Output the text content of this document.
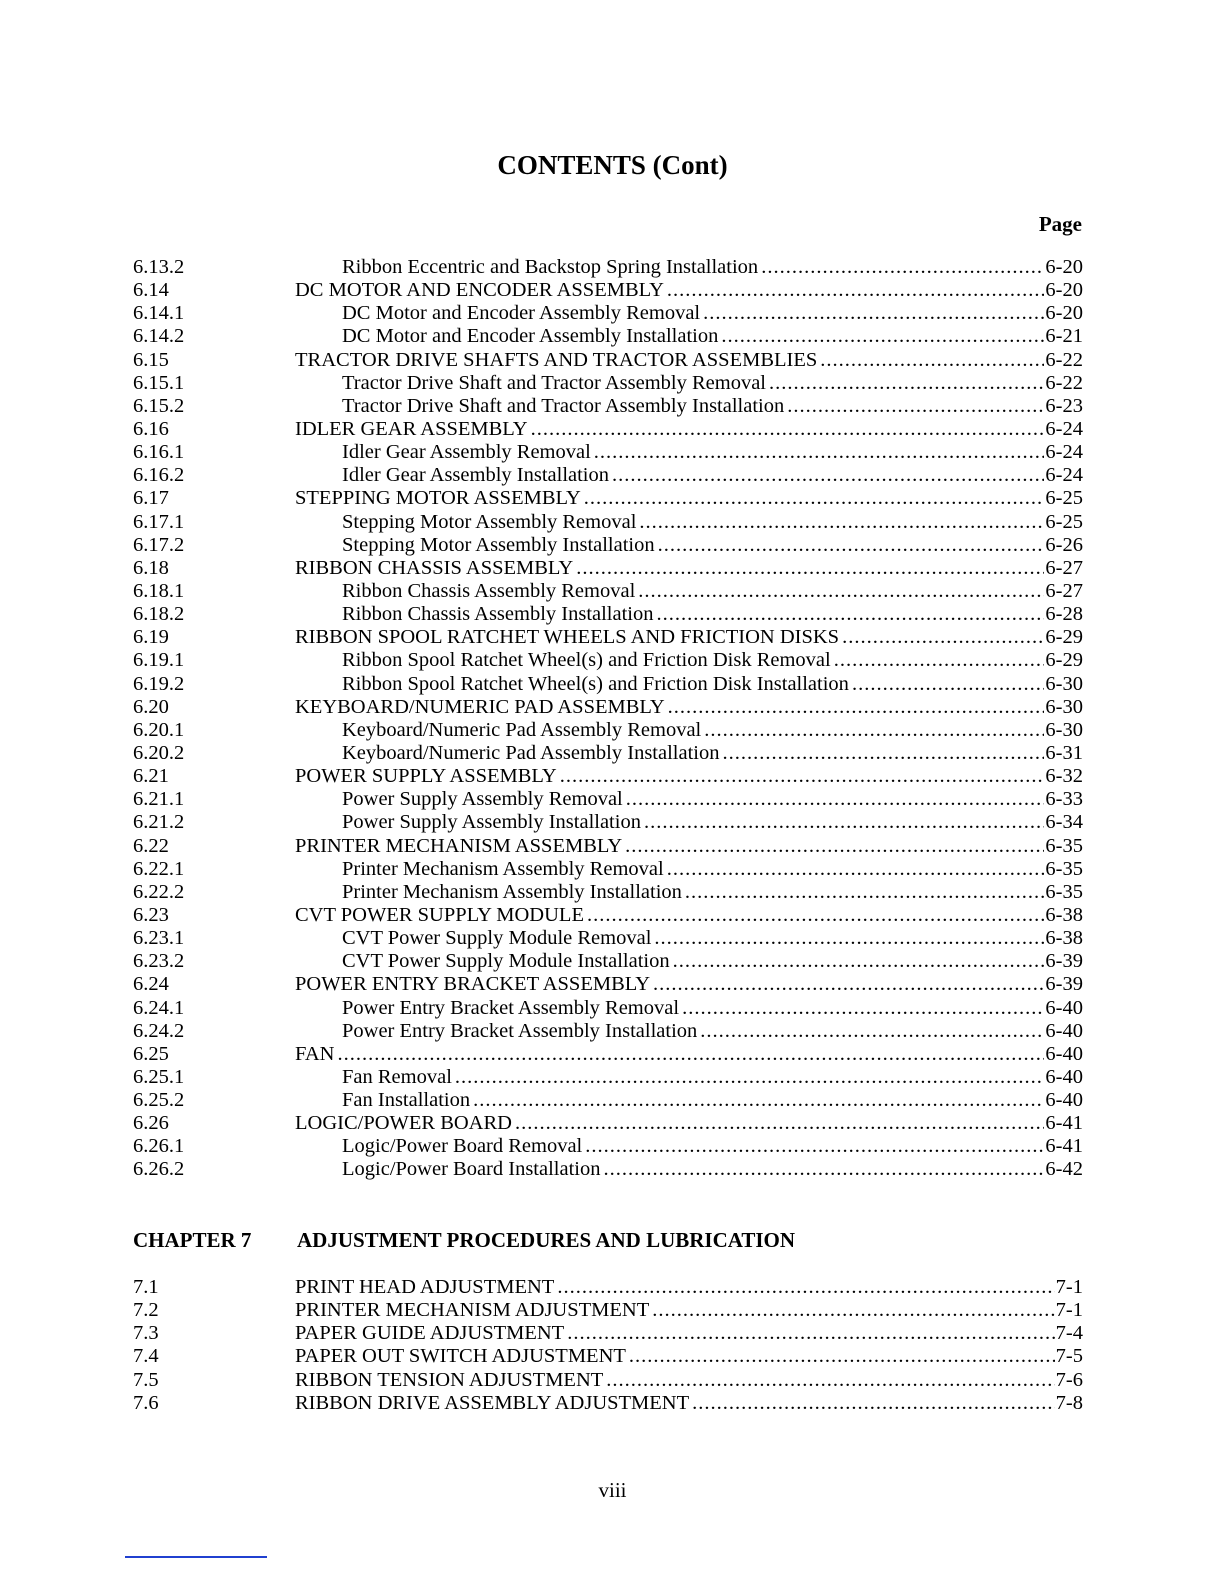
CONTENTS (Cont)
Page
6.13.2	Ribbon Eccentric and Backstop Spring Installation .....	6-20
6.14	DC MOTOR AND ENCODER ASSEMBLY .....	6-20
6.14.1	DC Motor and Encoder Assembly Removal .....	6-20
6.14.2	DC Motor and Encoder Assembly Installation .....	6-21
6.15	TRACTOR DRIVE SHAFTS AND TRACTOR ASSEMBLIES .....	6-22
6.15.1	Tractor Drive Shaft and Tractor Assembly Removal .....	6-22
6.15.2	Tractor Drive Shaft and Tractor Assembly Installation .....	6-23
6.16	IDLER GEAR ASSEMBLY .....	6-24
6.16.1	Idler Gear Assembly Removal .....	6-24
6.16.2	Idler Gear Assembly Installation .....	6-24
6.17	STEPPING MOTOR ASSEMBLY .....	6-25
6.17.1	Stepping Motor Assembly Removal .....	6-25
6.17.2	Stepping Motor Assembly Installation .....	6-26
6.18	RIBBON CHASSIS ASSEMBLY .....	6-27
6.18.1	Ribbon Chassis Assembly Removal .....	6-27
6.18.2	Ribbon Chassis Assembly Installation .....	6-28
6.19	RIBBON SPOOL RATCHET WHEELS AND FRICTION DISKS .....	6-29
6.19.1	Ribbon Spool Ratchet Wheel(s) and Friction Disk Removal .....	6-29
6.19.2	Ribbon Spool Ratchet Wheel(s) and Friction Disk Installation .....	6-30
6.20	KEYBOARD/NUMERIC PAD ASSEMBLY .....	6-30
6.20.1	Keyboard/Numeric Pad Assembly Removal .....	6-30
6.20.2	Keyboard/Numeric Pad Assembly Installation .....	6-31
6.21	POWER SUPPLY ASSEMBLY .....	6-32
6.21.1	Power Supply Assembly Removal .....	6-33
6.21.2	Power Supply Assembly Installation .....	6-34
6.22	PRINTER MECHANISM ASSEMBLY .....	6-35
6.22.1	Printer Mechanism Assembly Removal .....	6-35
6.22.2	Printer Mechanism Assembly Installation .....	6-35
6.23	CVT POWER SUPPLY MODULE .....	6-38
6.23.1	CVT Power Supply Module Removal .....	6-38
6.23.2	CVT Power Supply Module Installation .....	6-39
6.24	POWER ENTRY BRACKET ASSEMBLY .....	6-39
6.24.1	Power Entry Bracket Assembly Removal .....	6-40
6.24.2	Power Entry Bracket Assembly Installation .....	6-40
6.25	FAN .....	6-40
6.25.1	Fan Removal .....	6-40
6.25.2	Fan Installation .....	6-40
6.26	LOGIC/POWER BOARD .....	6-41
6.26.1	Logic/Power Board Removal .....	6-41
6.26.2	Logic/Power Board Installation .....	6-42
CHAPTER 7 ADJUSTMENT PROCEDURES AND LUBRICATION
7.1	PRINT HEAD ADJUSTMENT .....	7-1
7.2	PRINTER MECHANISM ADJUSTMENT .....	7-1
7.3	PAPER GUIDE ADJUSTMENT .....	7-4
7.4	PAPER OUT SWITCH ADJUSTMENT .....	7-5
7.5	RIBBON TENSION ADJUSTMENT .....	7-6
7.6	RIBBON DRIVE ASSEMBLY ADJUSTMENT .....	7-8
viii
